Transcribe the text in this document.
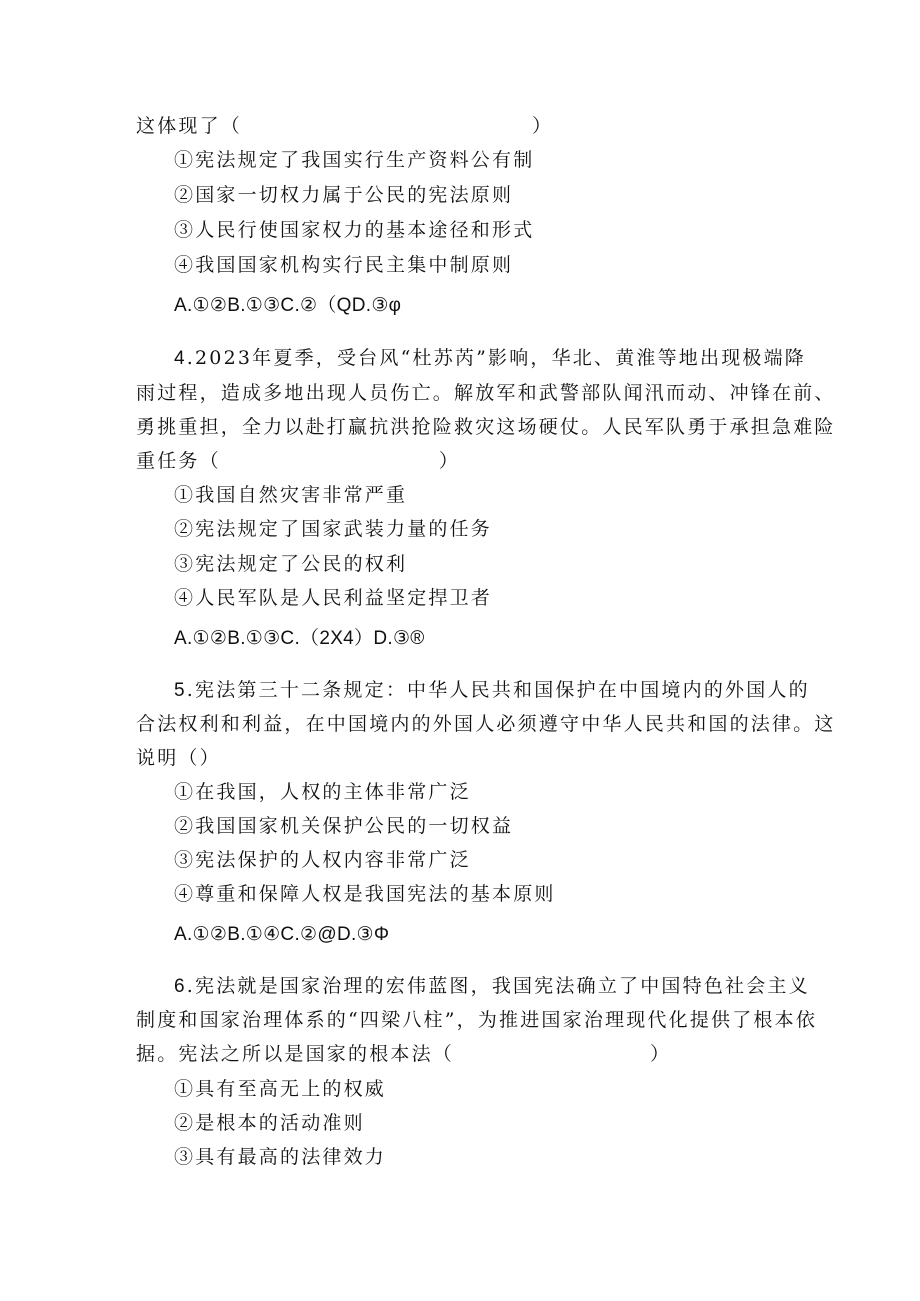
这体现了（	）
①宪法规定了我国实行生产资料公有制
②国家一切权力属于公民的宪法原则
③人民行使国家权力的基本途径和形式
④我国国家机构实行民主集中制原则
A.①②B.①③C.②（QD.③φ
4.2023年夏季，受台风“杜苏芮”影响，华北、黄淮等地出现极端降
雨过程，造成多地出现人员伤亡。解放军和武警部队闻汛而动、冲锋在前、
勇挑重担，全力以赴打赢抗洪抢险救灾这场硬仗。人民军队勇于承担急难险
重任务（	）
①我国自然灾害非常严重
②宪法规定了国家武装力量的任务
③宪法规定了公民的权利
④人民军队是人民利益坚定捍卫者
A.①②B.①③C.（2X4）D.③®
5.宪法第三十二条规定：中华人民共和国保护在中国境内的外国人的
合法权利和利益，在中国境内的外国人必须遵守中华人民共和国的法律。这
说明（）
①在我国，人权的主体非常广泛
②我国国家机关保护公民的一切权益
③宪法保护的人权内容非常广泛
④尊重和保障人权是我国宪法的基本原则
A.①②B.①④C.②@D.③Φ
6.宪法就是国家治理的宏伟蓝图，我国宪法确立了中国特色社会主义
制度和国家治理体系的“四梁八柱”，为推进国家治理现代化提供了根本依
据。宪法之所以是国家的根本法（	）
①具有至高无上的权威
②是根本的活动准则
③具有最高的法律效力
